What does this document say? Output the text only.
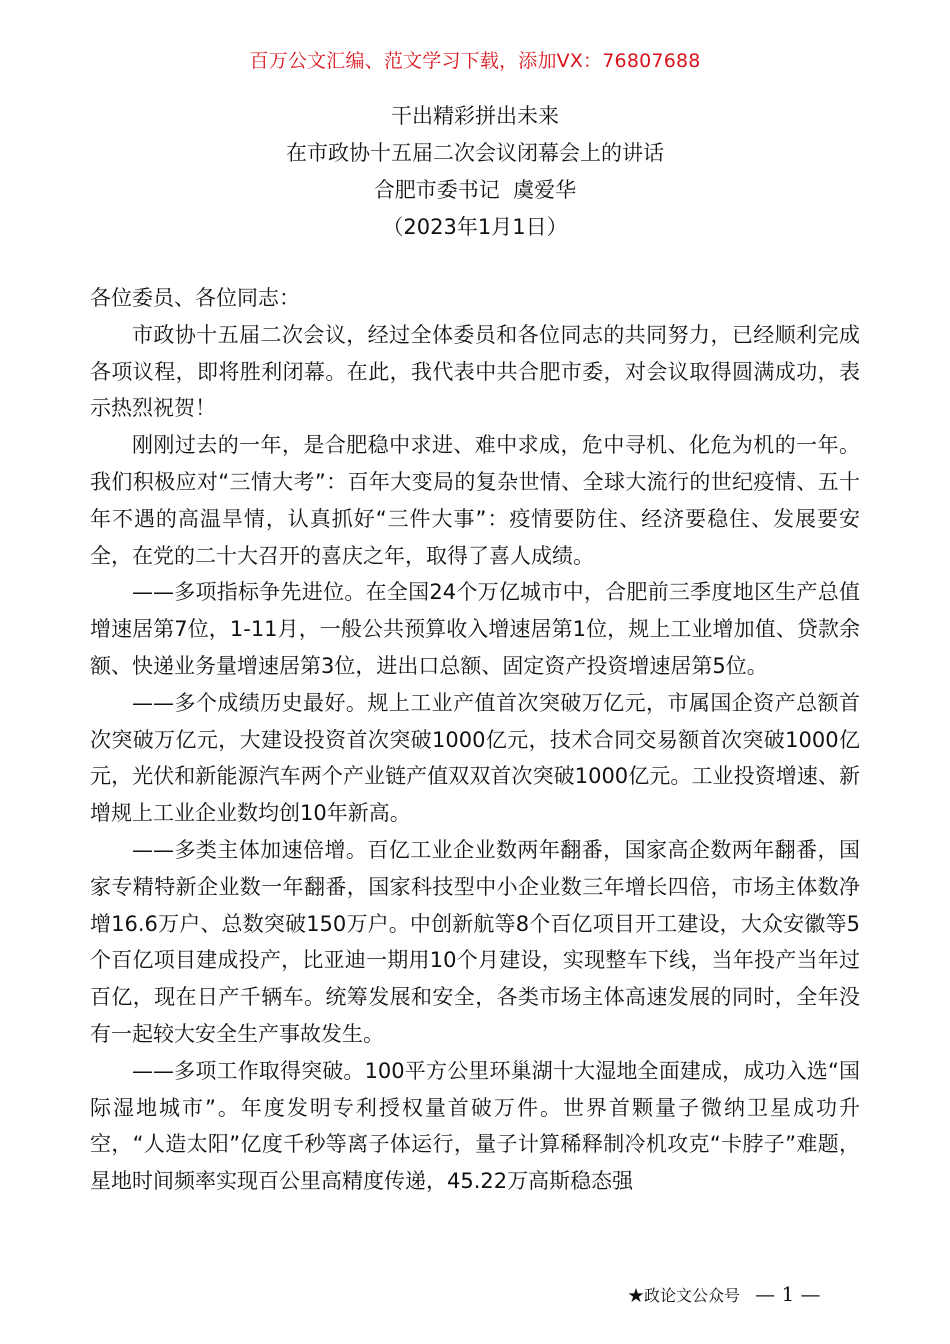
百万公文汇编、范文学习下载，添加VX：76807688
干出精彩拼出未来
在市政协十五届二次会议闭幕会上的讲话
合肥市委书记  虞爱华
（2023年1月1日）

各位委员、各位同志：

市政协十五届二次会议，经过全体委员和各位同志的共同努力，已经顺利完成各项议程，即将胜利闭幕。在此，我代表中共合肥市委，对会议取得圆满成功，表示热烈祝贺！

刚刚过去的一年，是合肥稳中求进、难中求成，危中寻机、化危为机的一年。我们积极应对“三情大考”：百年大变局的复杂世情、全球大流行的世纪疫情、五十年不遇的高温旱情，认真抓好“三件大事”：疫情要防住、经济要稳住、发展要安全，在党的二十大召开的喜庆之年，取得了喜人成绩。

——多项指标争先进位。在全国24个万亿城市中，合肥前三季度地区生产总值增速居第7位，1-11月，一般公共预算收入增速居第1位，规上工业增加值、贷款余额、快递业务量增速居第3位，进出口总额、固定资产投资增速居第5位。

——多个成绩历史最好。规上工业产值首次突破万亿元，市属国企资产总额首次突破万亿元，大建设投资首次突破1000亿元，技术合同交易额首次突破1000亿元，光伏和新能源汽车两个产业链产值双双首次突破1000亿元。工业投资增速、新增规上工业企业数均创10年新高。

——多类主体加速倍增。百亿工业企业数两年翻番，国家高企数两年翻番，国家专精特新企业数一年翻番，国家科技型中小企业数三年增长四倍，市场主体数净增16.6万户、总数突破150万户。中创新航等8个百亿项目开工建设，大众安徽等5个百亿项目建成投产，比亚迪一期用10个月建设，实现整车下线，当年投产当年过百亿，现在日产千辆车。统筹发展和安全，各类市场主体高速发展的同时，全年没有一起较大安全生产事故发生。

——多项工作取得突破。100平方公里环巢湖十大湿地全面建成，成功入选“国际湿地城市”。年度发明专利授权量首破万件。世界首颗量子微纳卫星成功升空，“人造太阳”亿度千秒等离子体运行，量子计算稀释制冷机攻克“卡脖子”难题，星地时间频率实现百公里高精度传递，45.22万高斯稳态强

★政论文公众号 — 1 —
